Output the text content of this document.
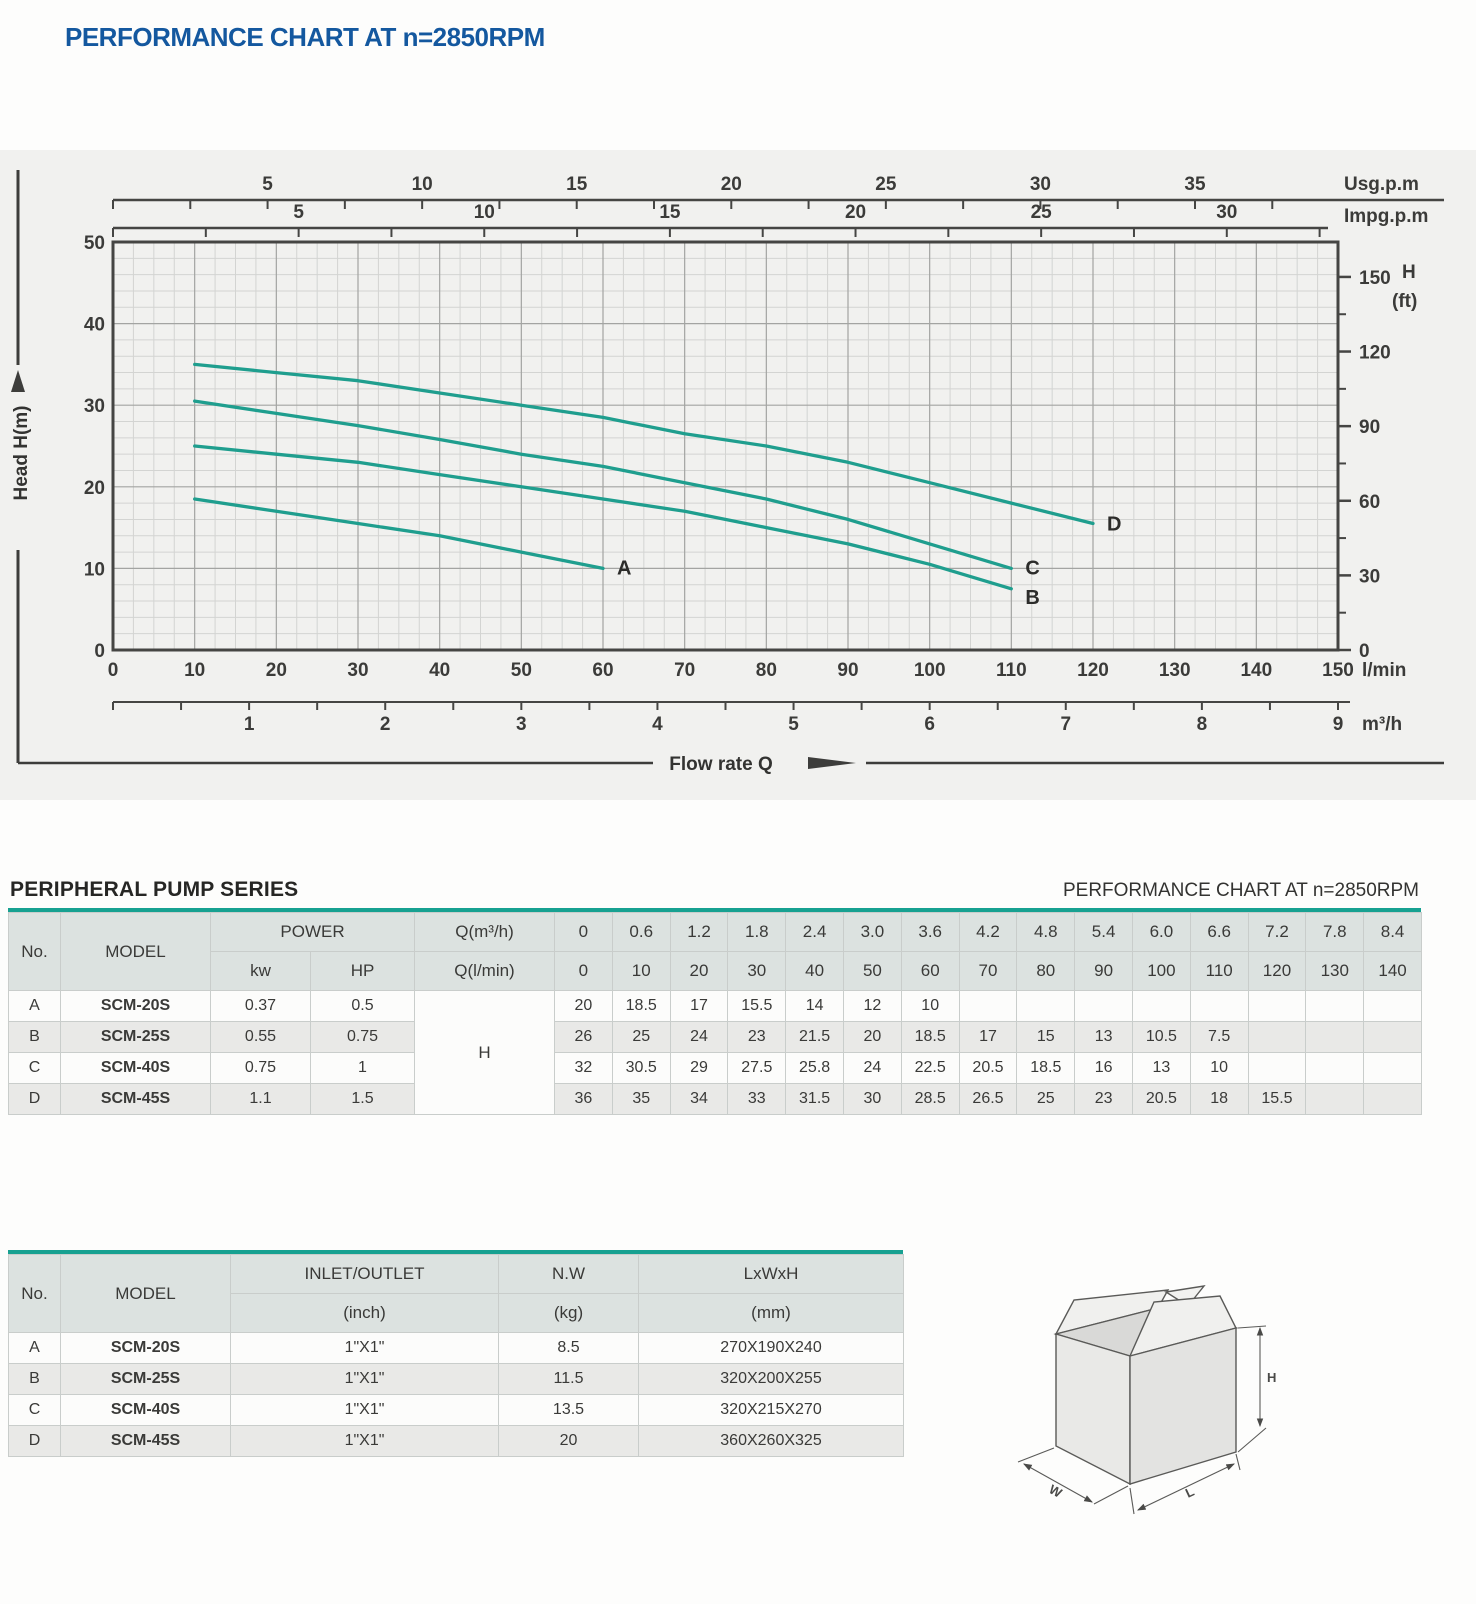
PERFORMANCE CHART AT n=2850RPM
5	10	15	20	25	30	35	Usg.p.m
5	10	15	20	25	30	Impg.p.m
0
10
20
30
40
50
0
30
60
90
120
150 H
(ft)
0	10	20	30	40	50	60	70	80	90	100	110	120	130	140	150 l/min
1	2	3	4	5	6	7	8	9 m³/h
Head H(m)
Flow rate Q
A
B
C
D
PERIPHERAL PUMP SERIES	PERFORMANCE CHART AT n=2850RPM
No.	MODEL	POWER		Q(m³/h)	0	0.6	1.2	1.8	2.4	3.0	3.6	4.2	4.8	5.4	6.0	6.6	7.2	7.8	8.4
		kw	HP	Q(l/min)	0	10	20	30	40	50	60	70	80	90	100	110	120	130	140
A	SCM-20S	0.37	0.5	H	20	18.5	17	15.5	14	12	10								
B	SCM-25S	0.55	0.75		26	25	24	23	21.5	20	18.5	17	15	13	10.5	7.5			
C	SCM-40S	0.75	1		32	30.5	29	27.5	25.8	24	22.5	20.5	18.5	16	13	10			
D	SCM-45S	1.1	1.5		36	35	34	33	31.5	30	28.5	26.5	25	23	20.5	18	15.5		
No.	MODEL	INLET/OUTLET	N.W	LxWxH
		(inch)	(kg)	(mm)
A	SCM-20S	1"X1"	8.5	270X190X240
B	SCM-25S	1"X1"	11.5	320X200X255
C	SCM-40S	1"X1"	13.5	320X215X270
D	SCM-45S	1"X1"	20	360X260X325
W	L
H
